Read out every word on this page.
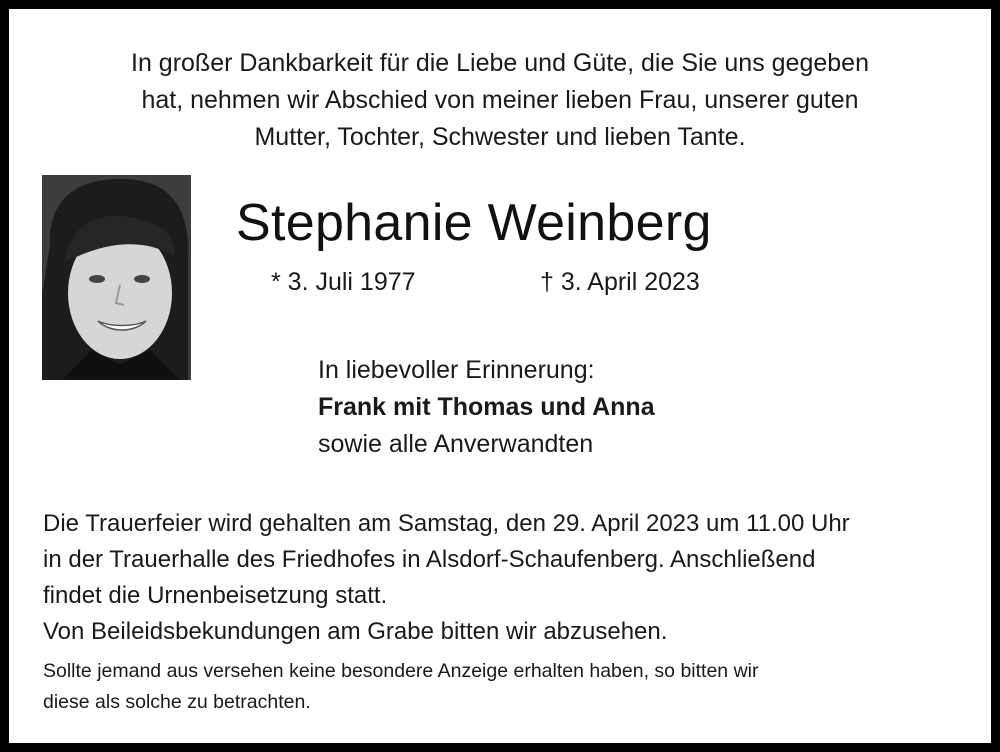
In großer Dankbarkeit für die Liebe und Güte, die Sie uns gegeben
hat, nehmen wir Abschied von meiner lieben Frau, unserer guten
Mutter, Tochter, Schwester und lieben Tante.
Stephanie Weinberg
* 3. Juli 1977	† 3. April 2023
In liebevoller Erinnerung:
Frank mit Thomas und Anna
sowie alle Anverwandten
Die Trauerfeier wird gehalten am Samstag, den 29. April 2023 um 11.00 Uhr
in der Trauerhalle des Friedhofes in Alsdorf-Schaufenberg. Anschließend
findet die Urnenbeisetzung statt.
Von Beileidsbekundungen am Grabe bitten wir abzusehen.
Sollte jemand aus versehen keine besondere Anzeige erhalten haben, so bitten wir
diese als solche zu betrachten.
